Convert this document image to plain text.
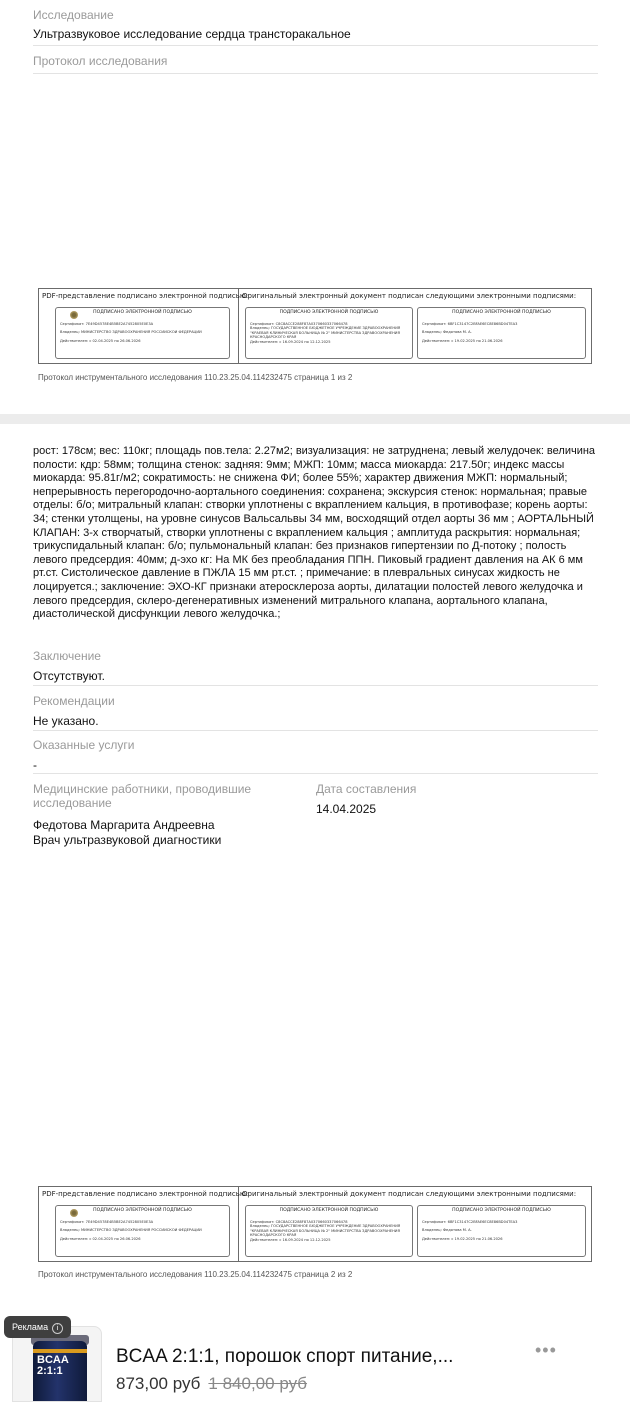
Исследование
Ультразвуковое исследование сердца трансторакальное
Протокол исследования
PDF-представление подписано электронной подписью:
Оригинальный электронный документ подписан следующими электронными подписями:
ПОДПИСАНО ЭЛЕКТРОННОЙ ПОДПИСЬЮ
Сертификат: 7E49D4578E4B5BE2A7452805E0E3A
Владелец: МИНИСТЕРСТВО ЗДРАВООХРАНЕНИЯ РОССИЙСКОЙ ФЕДЕРАЦИИ
Действителен: с 02.04.2025 по 26.06.2026
ПОДПИСАНО ЭЛЕКТРОННОЙ ПОДПИСЬЮ
Сертификат: C8C8ACCE288F87A0370660337066478
Владелец: ГОСУДАРСТВЕННОЕ БЮДЖЕТНОЕ УЧРЕЖДЕНИЕ ЗДРАВООХРАНЕНИЯ "КРАЕВАЯ КЛИНИЧЕСКАЯ БОЛЬНИЦА № 2" МИНИСТЕРСТВА ЗДРАВООХРАНЕНИЯ КРАСНОДАРСКОГО КРАЯ
Действителен: с 16.09.2024 по 12.12.2025
ПОДПИСАНО ЭЛЕКТРОННОЙ ПОДПИСЬЮ
Сертификат: 6BF1C3147C2BFAE6EC8E86BD04TEA3
Владелец: Федотова М. А.
Действителен: с 19.02.2025 по 21.06.2026
Протокол инструментального исследования 110.23.25.04.114232475 страница 1 из 2
рост: 178см; вес: 110кг; площадь пов.тела: 2.27м2; визуализация: не затруднена; левый желудочек: величина полости: кдр: 58мм; толщина стенок: задняя: 9мм; МЖП: 10мм; масса миокарда: 217.50г; индекс массы миокарда: 95.81г/м2; сократимость: не снижена ФИ; более 55%; характер движения МЖП: нормальный; непрерывность перегородочно-аортального соединения: сохранена; экскурсия стенок: нормальная; правые отделы: б/о; митральный клапан: створки уплотнены с вкраплением кальция, в противофазе; корень аорты: 34; стенки утолщены, на уровне синусов Вальсальвы 34 мм, восходящий отдел аорты 36 мм ; АОРТАЛЬНЫЙ КЛАПАН: 3-х створчатый, створки уплотнены с вкраплением кальция ; амплитуда раскрытия: нормальная; трикуспидальный клапан: б/о; пульмональный клапан: без признаков гипертензии по Д-потоку ; полость левого предсердия: 40мм; д-эхо кг: На МК без преобладания ППН. Пиковый градиент давления на АК 6 мм рт.ст. Систолическое давление в ПЖЛА 15 мм рт.ст. ; примечание: в плевральных синусах жидкость не лоцируется.; заключение: ЭХО-КГ признаки атеросклероза аорты, дилатации полостей левого желудочка и левого предсердия, склеро-дегенеративных изменений митрального клапана, аортального клапана, диастолической дисфункции левого желудочка.;
Заключение
Отсутствуют.
Рекомендации
Не указано.
Оказанные услуги
-
Медицинские работники, проводившие исследование
Федотова Маргарита Андреевна
Врач ультразвуковой диагностики
Дата составления
14.04.2025
PDF-представление подписано электронной подписью:
Оригинальный электронный документ подписан следующими электронными подписями:
ПОДПИСАНО ЭЛЕКТРОННОЙ ПОДПИСЬЮ
Сертификат: 7E49D4578E4B5BE2A7452805E0E3A
Владелец: МИНИСТЕРСТВО ЗДРАВООХРАНЕНИЯ РОССИЙСКОЙ ФЕДЕРАЦИИ
Действителен: с 02.04.2025 по 26.06.2026
ПОДПИСАНО ЭЛЕКТРОННОЙ ПОДПИСЬЮ
Сертификат: C8C8ACCE288F87A0370660337066478
Владелец: ГОСУДАРСТВЕННОЕ БЮДЖЕТНОЕ УЧРЕЖДЕНИЕ ЗДРАВООХРАНЕНИЯ "КРАЕВАЯ КЛИНИЧЕСКАЯ БОЛЬНИЦА № 2" МИНИСТЕРСТВА ЗДРАВООХРАНЕНИЯ КРАСНОДАРСКОГО КРАЯ
Действителен: с 16.09.2024 по 12.12.2025
ПОДПИСАНО ЭЛЕКТРОННОЙ ПОДПИСЬЮ
Сертификат: 6BF1C3147C2BFAE6EC8E86BD04TEA3
Владелец: Федотова М. А.
Действителен: с 19.02.2025 по 21.06.2026
Протокол инструментального исследования 110.23.25.04.114232475 страница 2 из 2
Реклама i
BCAA 2:1:1
BCAA 2:1:1, порошок спорт питание,...
873,00 руб 1 840,00 руб
•••
